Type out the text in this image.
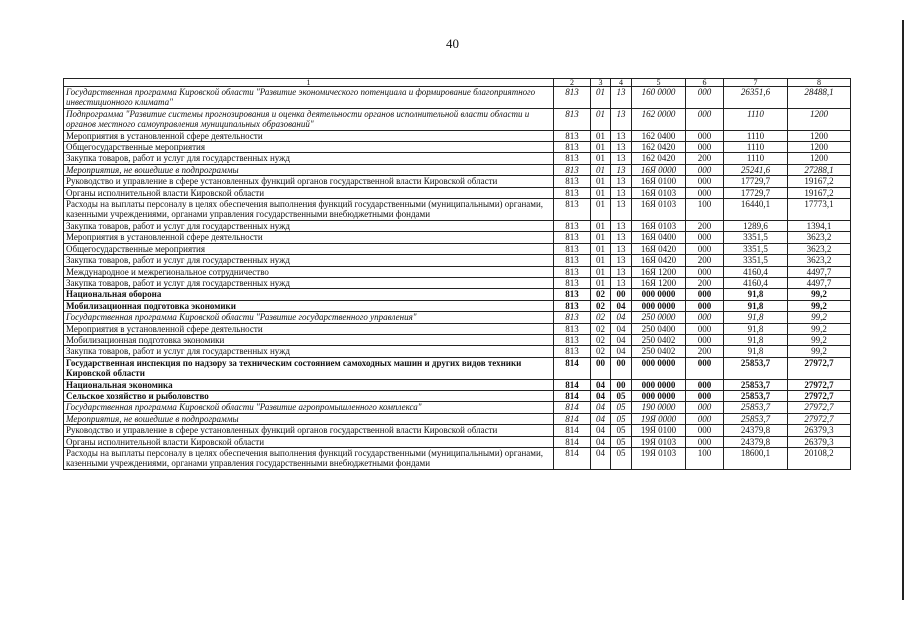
40
1	2	3	4	5	6	7	8
Государственная программа Кировской области "Развитие экономического потенциала и формирование благоприятного инвестиционного климата"	813	01	13	160 0000	000	26351,6	28488,1
Подпрограмма "Развитие системы прогнозирования и оценка деятельности органов исполнительной власти области и органов местного самоуправления муниципальных образований"	813	01	13	162 0000	000	1110	1200
Мероприятия в установленной сфере деятельности	813	01	13	162 0400	000	1110	1200
Общегосударственные мероприятия	813	01	13	162 0420	000	1110	1200
Закупка товаров, работ и услуг для государственных нужд	813	01	13	162 0420	200	1110	1200
Мероприятия, не вошедшие в подпрограммы	813	01	13	16Я 0000	000	25241,6	27288,1
Руководство и управление в сфере установленных функций органов государственной власти Кировской области	813	01	13	16Я 0100	000	17729,7	19167,2
Органы исполнительной власти Кировской области	813	01	13	16Я 0103	000	17729,7	19167,2
Расходы на выплаты персоналу в целях обеспечения выполнения функций государственными (муниципальными) органами, казенными учреждениями, органами управления государственными внебюджетными фондами	813	01	13	16Я 0103	100	16440,1	17773,1
Закупка товаров, работ и услуг для государственных нужд	813	01	13	16Я 0103	200	1289,6	1394,1
Мероприятия в установленной сфере деятельности	813	01	13	16Я 0400	000	3351,5	3623,2
Общегосударственные мероприятия	813	01	13	16Я 0420	000	3351,5	3623,2
Закупка товаров, работ и услуг для государственных нужд	813	01	13	16Я 0420	200	3351,5	3623,2
Международное и межрегиональное сотрудничество	813	01	13	16Я 1200	000	4160,4	4497,7
Закупка товаров, работ и услуг для государственных нужд	813	01	13	16Я 1200	200	4160,4	4497,7
Национальная оборона	813	02	00	000 0000	000	91,8	99,2
Мобилизационная подготовка экономики	813	02	04	000 0000	000	91,8	99,2
Государственная программа Кировской области "Развитие государственного управления"	813	02	04	250 0000	000	91,8	99,2
Мероприятия в установленной сфере деятельности	813	02	04	250 0400	000	91,8	99,2
Мобилизационная подготовка экономики	813	02	04	250 0402	000	91,8	99,2
Закупка товаров, работ и услуг для государственных нужд	813	02	04	250 0402	200	91,8	99,2
Государственная инспекция по надзору за техническим состоянием самоходных машин и других видов техники Кировской области	814	00	00	000 0000	000	25853,7	27972,7
Национальная экономика	814	04	00	000 0000	000	25853,7	27972,7
Сельское хозяйство и рыболовство	814	04	05	000 0000	000	25853,7	27972,7
Государственная программа Кировской области "Развитие агропромышленного комплекса"	814	04	05	190 0000	000	25853,7	27972,7
Мероприятия, не вошедшие в подпрограммы	814	04	05	19Я 0000	000	25853,7	27972,7
Руководство и управление в сфере установленных функций органов государственной власти Кировской области	814	04	05	19Я 0100	000	24379,8	26379,3
Органы исполнительной власти Кировской области	814	04	05	19Я 0103	000	24379,8	26379,3
Расходы на выплаты персоналу в целях обеспечения выполнения функций государственными (муниципальными) органами, казенными учреждениями, органами управления государственными внебюджетными фондами	814	04	05	19Я 0103	100	18600,1	20108,2
